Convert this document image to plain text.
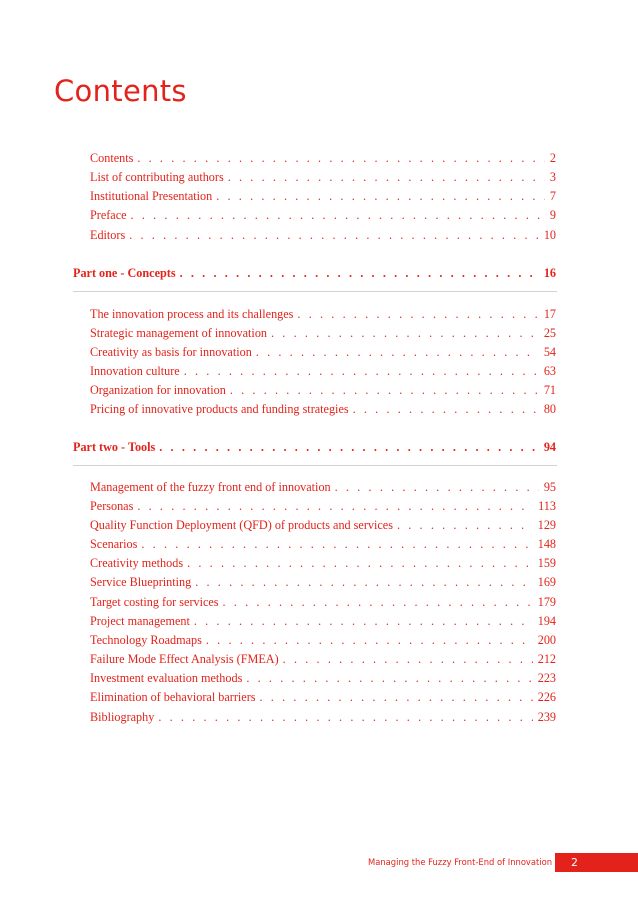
Contents
Contents . . .	2
List of contributing authors . . .	3
Institutional Presentation . . .	7
Preface . . .	9
Editors . . .	10
Part one - Concepts . . .	16
The innovation process and its challenges . . .	17
Strategic management of innovation . . .	25
Creativity as basis for innovation . . .	54
Innovation culture . . .	63
Organization for innovation . . .	71
Pricing of innovative products and funding strategies . . .	80
Part two - Tools . . .	94
Management of the fuzzy front end of innovation . . .	95
Personas . . .	113
Quality Function Deployment (QFD) of products and services . . .	129
Scenarios . . .	148
Creativity methods . . .	159
Service Blueprinting . . .	169
Target costing for services . . .	179
Project management . . .	194
Technology Roadmaps . . .	200
Failure Mode Effect Analysis (FMEA) . . .	212
Investment evaluation methods . . .	223
Elimination of behavioral barriers . . .	226
Bibliography . . .	239
Managing the Fuzzy Front-End of Innovation	2
